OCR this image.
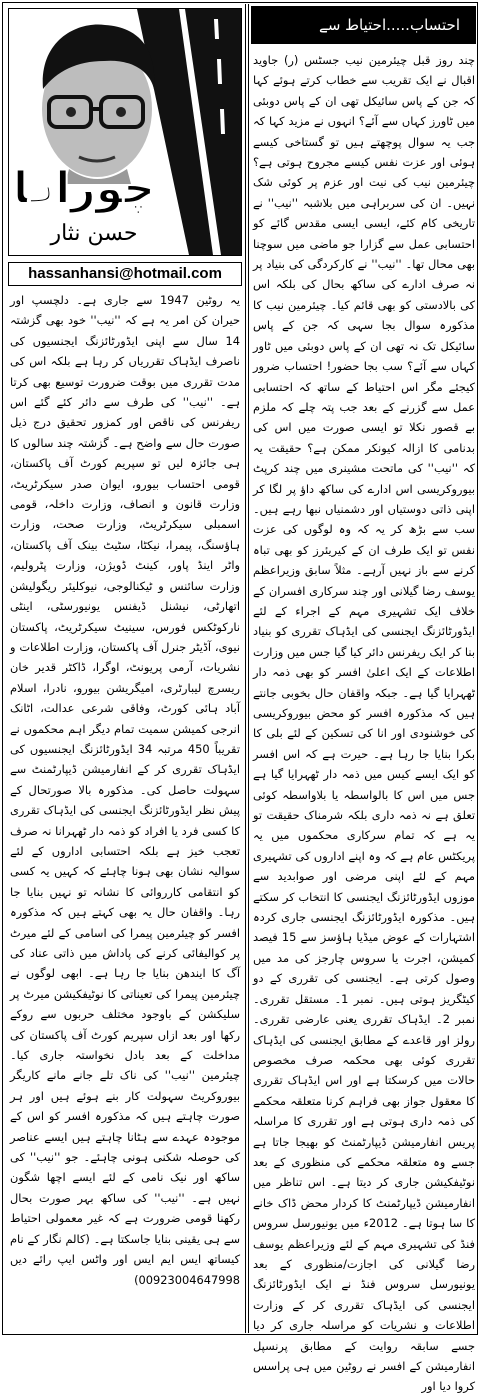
چوراہا
حسن نثار
hassanhansi@hotmail.com
احتساب.....احتیاط سے

چند روز قبل چیئرمین نیب جسٹس (ر) جاوید اقبال نے ایک تقریب سے خطاب کرتے ہوئے کہا کہ جن کے پاس سائیکل تھی ان کے پاس دوبئی میں ٹاورز کہاں سے آئے؟ انہوں نے مزید کہا کہ جب یہ سوال پوچھتے ہیں تو گستاخی کیسے ہوئی اور عزت نفس کیسے مجروح ہوتی ہے؟ چیئرمین نیب کی نیت اور عزم پر کوئی شک نہیں۔ ان کی سربراہی میں بلاشبہ ''نیب'' نے تاریخی کام کئے، ایسی ایسی مقدس گائے کو احتسابی عمل سے گزارا جو ماضی میں سوچنا بھی محال تھا۔ ''نیب'' نے کارکردگی کی بنیاد پر نہ صرف ادارے کی ساکھ بحال کی بلکہ اس کی بالادستی کو بھی قائم کیا۔ چیئرمین نیب کا مذکورہ سوال بجا سہی کہ جن کے پاس سائیکل تک نہ تھی ان کے پاس دوبئی میں ٹاور کہاں سے آئے؟ سب بجا حضور! احتساب ضرور کیجئے مگر اس احتیاط کے ساتھ کہ احتسابی عمل سے گزرنے کے بعد جب پتہ چلے کہ ملزم بے قصور نکلا تو ایسی صورت میں اس کی بدنامی کا ازالہ کیونکر ممکن ہے؟ حقیقت یہ کہ ''نیب'' کی ماتحت مشینری میں چند کرپٹ بیوروکریسی اس ادارے کی ساکھ داؤ پر لگا کر اپنی ذاتی دوستیاں اور دشمنیاں نبھا رہے ہیں۔ سب سے بڑھ کر یہ کہ وہ لوگوں کی عزت نفس تو ایک طرف ان کے کیریئرز کو بھی تباہ کرنے سے باز نہیں آرہے۔ مثلاً سابق وزیراعظم یوسف رضا گیلانی اور چند سرکاری افسران کے خلاف ایک تشہیری مہم کے اجراء کے لئے ایڈورٹائزنگ ایجنسی کی ایڈہاک تقرری کو بنیاد بنا کر ایک ریفرنس دائر کیا گیا جس میں وزارت اطلاعات کے ایک اعلیٰ افسر کو بھی ذمہ دار ٹھہرایا گیا ہے۔ جبکہ واقفان حال بخوبی جانتے ہیں کہ مذکورہ افسر کو محض بیوروکریسی کی خوشنودی اور انا کی تسکین کے لئے بلی کا بکرا بنایا جا رہا ہے۔ حیرت ہے کہ اس افسر کو ایک ایسے کیس میں ذمہ دار ٹھہرایا گیا ہے جس میں اس کا بالواسطہ یا بلاواسطہ کوئی تعلق ہے نہ ذمہ داری بلکہ شرمناک حقیقت تو یہ ہے کہ تمام سرکاری محکموں میں یہ پریکٹس عام ہے کہ وہ اپنے اداروں کی تشہیری مہم کے لئے اپنی مرضی اور صوابدید سے موزوں ایڈورٹائزنگ ایجنسی کا انتخاب کر سکتے ہیں۔ مذکورہ ایڈورٹائزنگ ایجنسی جاری کردہ اشتہارات کے عوض میڈیا ہاؤسز سے 15 فیصد کمیشن، اجرت یا سروس چارجز کی مد میں وصول کرتی ہے۔ ایجنسی کی تقرری کے دو کیٹگریز ہوتی ہیں۔ نمبر 1۔ مستقل تقرری۔ نمبر 2۔ ایڈہاک تقرری یعنی عارضی تقرری۔ رولز اور قاعدے کے مطابق ایجنسی کی ایڈہاک تقرری کوئی بھی محکمہ صرف مخصوص حالات میں کرسکتا ہے اور اس ایڈہاک تقرری کا معقول جواز بھی فراہم کرنا متعلقہ محکمے کی ذمہ داری ہوتی ہے اور تقرری کا مراسلہ پریس انفارمیشن ڈیپارٹمنٹ کو بھیجا جاتا ہے جسے وہ متعلقہ محکمے کی منظوری کے بعد نوٹیفکیشن جاری کر دیتا ہے۔ اس تناظر میں انفارمیشن ڈیپارٹمنٹ کا کردار محض ڈاک خانے کا سا ہوتا ہے۔ 2012ء میں یونیورسل سروس فنڈ کی تشہیری مہم کے لئے وزیراعظم یوسف رضا گیلانی کی اجازت/منظوری کے بعد یونیورسل سروس فنڈ نے ایک ایڈورٹائزنگ ایجنسی کی ایڈہاک تقرری کر کے وزارت اطلاعات و نشریات کو مراسلہ جاری کر دیا جسے سابقہ روایت کے مطابق پرنسپل انفارمیشن کے افسر نے روٹین میں ہی پراسس کروا دیا اور

یہ روٹین 1947 سے جاری ہے۔ دلچسپ اور حیران کن امر یہ ہے کہ ''نیب'' خود بھی گزشتہ 14 سال سے اپنی ایڈورٹائزنگ ایجنسیوں کی ناصرف ایڈہاک تقرریاں کر رہا ہے بلکہ اس کی مدت تقرری میں بوقت ضرورت توسیع بھی کرتا ہے۔ ''نیب'' کی طرف سے دائر کئے گئے اس ریفرنس کی ناقص اور کمزور تحقیق درج ذیل صورت حال سے واضح ہے۔ گزشتہ چند سالوں کا ہی جائزہ لیں تو سپریم کورٹ آف پاکستان، قومی احتساب بیورو، ایوان صدر سیکرٹریٹ، وزارت قانون و انصاف، وزارت داخلہ، قومی اسمبلی سیکرٹریٹ، وزارت صحت، وزارت ہاؤسنگ، پیمرا، نیکٹا، سٹیٹ بینک آف پاکستان، واٹر اینڈ پاور، کینٹ ڈویژن، وزارت پٹرولیم، وزارت سائنس و ٹیکنالوجی، نیوکلیئر ریگولیشن اتھارٹی، نیشنل ڈیفنس یونیورسٹی، اینٹی نارکوٹکس فورس، سینیٹ سیکرٹریٹ، پاکستان نیوی، آڈیٹر جنرل آف پاکستان، وزارت اطلاعات و نشریات، آرمی پریونٹ، اوگرا، ڈاکٹر قدیر خان ریسرچ لیبارٹری، امیگریشن بیورو، نادرا، اسلام آباد ہائی کورٹ، وفاقی شرعی عدالت، اٹانک انرجی کمیشن سمیت تمام دیگر اہم محکموں نے تقریباً 450 مرتبہ 34 ایڈورٹائزنگ ایجنسیوں کی ایڈہاک تقرری کر کے انفارمیشن ڈیپارٹمنٹ سے سہولت حاصل کی۔ مذکورہ بالا صورتحال کے پیش نظر ایڈورٹائزنگ ایجنسی کی ایڈہاک تقرری کا کسی فرد یا افراد کو ذمہ دار ٹھہرانا نہ صرف تعجب خیز ہے بلکہ احتسابی اداروں کے لئے سوالیہ نشان بھی ہونا چاہئے کہ کہیں یہ کسی کو انتقامی کارروائی کا نشانہ تو نہیں بنایا جا رہا۔ واقفان حال یہ بھی کہتے ہیں کہ مذکورہ افسر کو چیئرمین پیمرا کی اسامی کے لئے میرٹ پر کوالیفائی کرنے کی پاداش میں ذاتی عناد کی آگ کا ایندھن بنایا جا رہا ہے۔ ابھی لوگوں نے چیئرمین پیمرا کی تعیناتی کا نوٹیفکیشن میرٹ پر سلیکشن کے باوجود مختلف حربوں سے روکے رکھا اور بعد ازاں سپریم کورٹ آف پاکستان کی مداخلت کے بعد بادل نخواستہ جاری کیا۔ چیئرمین ''نیب'' کی ناک تلے جانے مانے کاریگر بیوروکریٹ سہولت کار بنے ہوئے ہیں اور ہر صورت چاہتے ہیں کہ مذکورہ افسر کو اس کے موجودہ عہدے سے ہٹانا چاہتے ہیں ایسے عناصر کی حوصلہ شکنی ہونی چاہئے۔ جو ''نیب'' کی ساکھ اور نیک نامی کے لئے ایسے اچھا شگون نہیں ہے۔ ''نیب'' کی ساکھ بہر صورت بحال رکھنا قومی ضرورت ہے کہ غیر معمولی احتیاط سے ہی یقینی بنایا جاسکتا ہے۔ (کالم نگار کے نام کیساتھ ایس ایم ایس اور واٹس ایپ رائے دیں 00923004647998)
